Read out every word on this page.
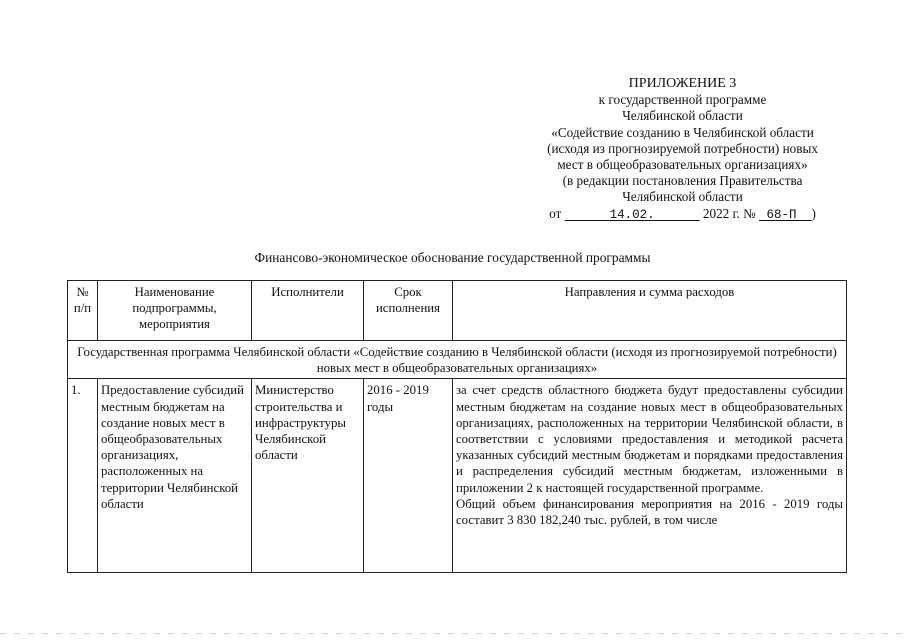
ПРИЛОЖЕНИЕ 3
к государственной программе
Челябинской области
«Содействие созданию в Челябинской области
(исходя из прогнозируемой потребности) новых
мест в общеобразовательных организациях»
(в редакции постановления Правительства
Челябинской области
от	14.02.	2022 г. № 68-П )
Финансово-экономическое обоснование государственной программы
№ п/п	Наименование подпрограммы, мероприятия	Исполнители	Срок исполнения	Направления и сумма расходов
Государственная программа Челябинской области «Содействие созданию в Челябинской области (исходя из прогнозируемой потребности) новых мест в общеобразовательных организациях»				
1.	Предоставление субсидий местным бюджетам на создание новых мест в общеобразовательных организациях, расположенных на территории Челябинской области	Министерство строительства и инфраструктуры Челябинской области	2016 - 2019 годы	за счет средств областного бюджета будут предоставлены субсидии местным бюджетам на создание новых мест в общеобразовательных организациях, расположенных на территории Челябинской области, в соответствии с условиями предоставления и методикой расчета указанных субсидий местным бюджетам и порядками предоставления и распределения субсидий местным бюджетам, изложенными в приложении 2 к настоящей государственной программе.
Общий объем финансирования мероприятия на 2016 - 2019 годы составит 3 830 182,240 тыс. рублей, в том числе
